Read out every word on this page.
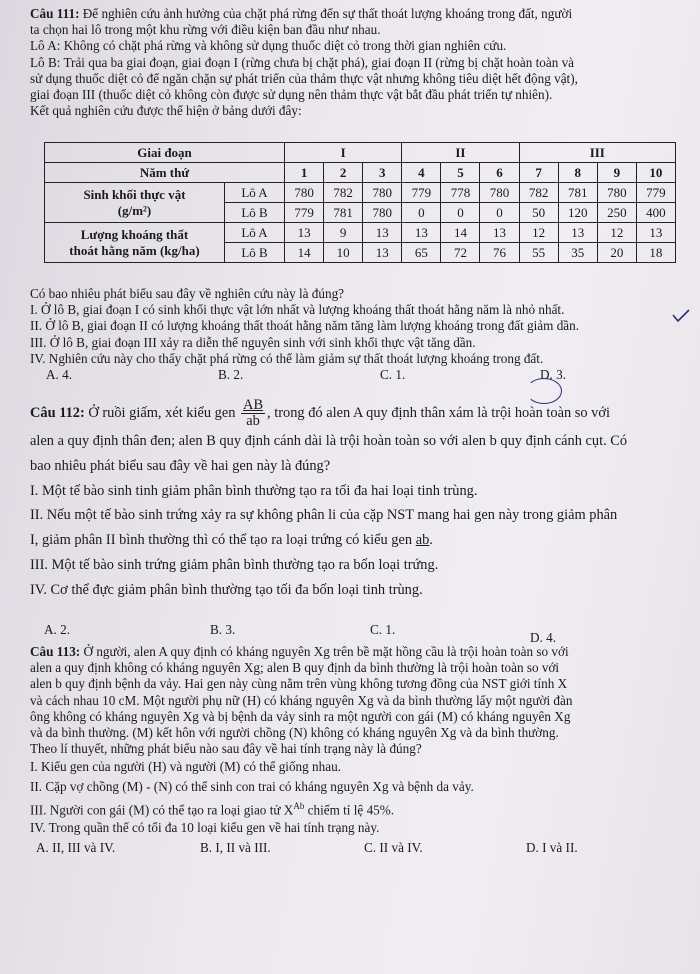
Câu 111: Để nghiên cứu ảnh hưởng của chặt phá rừng đến sự thất thoát lượng khoáng trong đất, người

ta chọn hai lô trong một khu rừng với điều kiện ban đầu như nhau.

Lô A: Không có chặt phá rừng và không sử dụng thuốc diệt cỏ trong thời gian nghiên cứu.

Lô B: Trải qua ba giai đoạn, giai đoạn I (rừng chưa bị chặt phá), giai đoạn II (rừng bị chặt hoàn toàn và

sử dụng thuốc diệt cỏ để ngăn chặn sự phát triển của thảm thực vật nhưng không tiêu diệt hết động vật),

giai đoạn III (thuốc diệt cỏ không còn được sử dụng nên thảm thực vật bắt đầu phát triển tự nhiên).

Kết quả nghiên cứu được thể hiện ở bảng dưới đây:

Giai đoạn		I			II			III			
Năm thứ		1	2	3	4	5	6	7	8	9	10
Sinh khối thực vật
(g/m²)	Lô A	780	782	780	779	778	780	782	781	780	779
	Lô B	779	781	780	0	0	0	50	120	250	400
Lượng khoáng thất
thoát hằng năm (kg/ha)	Lô A	13	9	13	13	14	13	12	13	12	13
	Lô B	14	10	13	65	72	76	55	35	20	18

Có bao nhiêu phát biểu sau đây về nghiên cứu này là đúng?

I. Ở lô B, giai đoạn I có sinh khối thực vật lớn nhất và lượng khoáng thất thoát hằng năm là nhỏ nhất.

II. Ở lô B, giai đoạn II có lượng khoáng thất thoát hằng năm tăng làm lượng khoáng trong đất giảm dần.

III. Ở lô B, giai đoạn III xảy ra diễn thế nguyên sinh với sinh khối thực vật tăng dần.

IV. Nghiên cứu này cho thấy chặt phá rừng có thể làm giảm sự thất thoát lượng khoáng trong đất.

A. 4.	B. 2.	C. 1.	D. 3.

Câu 112: Ở ruồi giấm, xét kiểu gen
AB
ab , trong đó alen A quy định thân xám là trội hoàn toàn so với

alen a quy định thân đen; alen B quy định cánh dài là trội hoàn toàn so với alen b quy định cánh cụt. Có

bao nhiêu phát biểu sau đây về hai gen này là đúng?

I. Một tế bào sinh tinh giảm phân bình thường tạo ra tối đa hai loại tinh trùng.

II. Nếu một tế bào sinh trứng xảy ra sự không phân li của cặp NST mang hai gen này trong giảm phân

I, giảm phân II bình thường thì có thể tạo ra loại trứng có kiểu gen ab.

III. Một tế bào sinh trứng giảm phân bình thường tạo ra bốn loại trứng.

IV. Cơ thể đực giảm phân bình thường tạo tối đa bốn loại tinh trùng.

A. 2.	B. 3.	C. 1.
D. 4.

Câu 113: Ở người, alen A quy định có kháng nguyên Xg trên bề mặt hồng cầu là trội hoàn toàn so với

alen a quy định không có kháng nguyên Xg; alen B quy định da bình thường là trội hoàn toàn so với

alen b quy định bệnh da vảy. Hai gen này cùng nằm trên vùng không tương đồng của NST giới tính X

và cách nhau 10 cM. Một người phụ nữ (H) có kháng nguyên Xg và da bình thường lấy một người đàn

ông không có kháng nguyên Xg và bị bệnh da vảy sinh ra một người con gái (M) có kháng nguyên Xg

và da bình thường. (M) kết hôn với người chồng (N) không có kháng nguyên Xg và da bình thường.

Theo lí thuyết, những phát biểu nào sau đây về hai tính trạng này là đúng?

I. Kiểu gen của người (H) và người (M) có thể giống nhau.

II. Cặp vợ chồng (M) - (N) có thể sinh con trai có kháng nguyên Xg và bệnh da vảy.

III. Người con gái (M) có thể tạo ra loại giao tử $X^{Ab}$ chiếm tỉ lệ 45%.

IV. Trong quần thể có tối đa 10 loại kiểu gen về hai tính trạng này.

A. II, III và IV.	B. I, II và III.	C. II và IV.	D. I và II.
